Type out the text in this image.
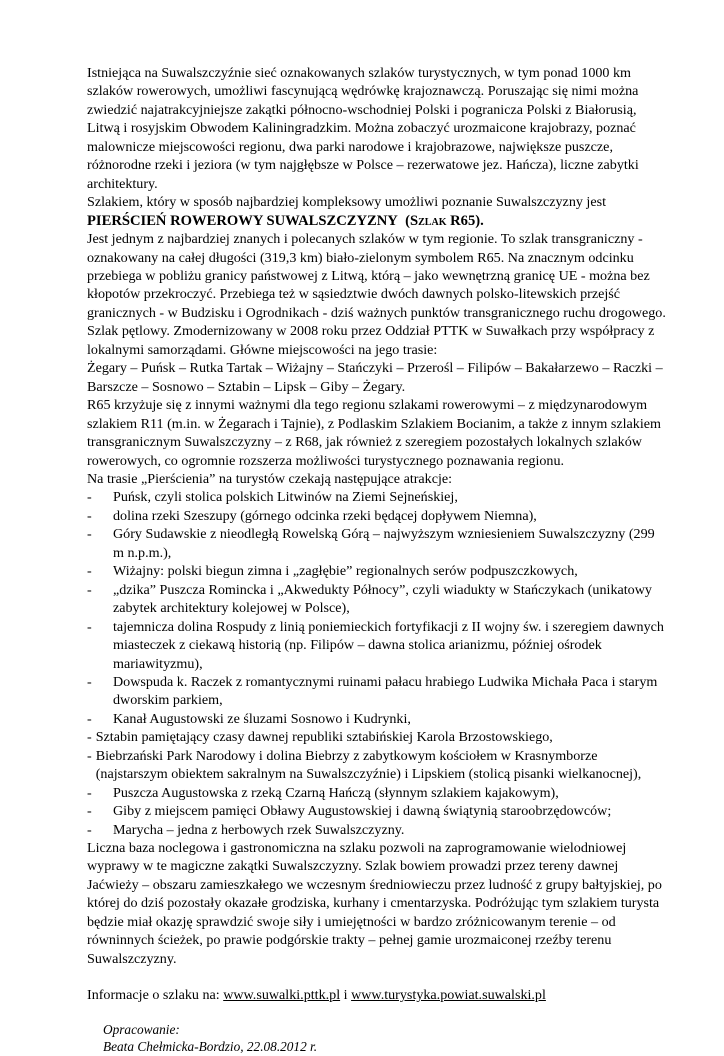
Istniejąca na Suwalszczyźnie sieć oznakowanych szlaków turystycznych, w tym ponad 1000 km szlaków rowerowych, umożliwi fascynującą wędrówkę krajoznawczą. Poruszając się nimi można zwiedzić najatrakcyjniejsze zakątki północno-wschodniej Polski i pogranicza Polski z Białorusią, Litwą i rosyjskim Obwodem Kaliningradzkim. Można zobaczyć urozmaicone krajobrazy, poznać malownicze miejscowości regionu, dwa parki narodowe i krajobrazowe, największe puszcze, różnorodne rzeki i jeziora (w tym najgłębsze w Polsce – rezerwatowe jez. Hańcza), liczne zabytki architektury.

Szlakiem, który w sposób najbardziej kompleksowy umożliwi poznanie Suwalszczyzny jest

PIERŚCIEŃ ROWEROWY SUWALSZCZYZNY (Szlak R65).

Jest jednym z najbardziej znanych i polecanych szlaków w tym regionie. To szlak transgraniczny - oznakowany na całej długości (319,3 km) biało-zielonym symbolem R65. Na znacznym odcinku przebiega w pobliżu granicy państwowej z Litwą, którą – jako wewnętrzną granicę UE - można bez kłopotów przekroczyć. Przebiega też w sąsiedztwie dwóch dawnych polsko-litewskich przejść granicznych - w Budzisku i Ogrodnikach - dziś ważnych punktów transgranicznego ruchu drogowego.

Szlak pętlowy. Zmodernizowany w 2008 roku przez Oddział PTTK w Suwałkach przy współpracy z lokalnymi samorządami. Główne miejscowości na jego trasie:

Żegary – Puńsk – Rutka Tartak – Wiżajny – Stańczyki – Przerośl – Filipów – Bakałarzewo – Raczki – Barszcze – Sosnowo – Sztabin – Lipsk – Giby – Żegary.

R65 krzyżuje się z innymi ważnymi dla tego regionu szlakami rowerowymi – z międzynarodowym szlakiem R11 (m.in. w Żegarach i Tajnie), z Podlaskim Szlakiem Bocianim, a także z innym szlakiem transgranicznym Suwalszczyzny – z R68, jak również z szeregiem pozostałych lokalnych szlaków rowerowych, co ogromnie rozszerza możliwości turystycznego poznawania regionu.

Na trasie „Pierścienia” na turystów czekają następujące atrakcje:

-	Puńsk, czyli stolica polskich Litwinów na Ziemi Sejneńskiej,
-	dolina rzeki Szeszupy (górnego odcinka rzeki będącej dopływem Niemna),
-	Góry Sudawskie z nieodległą Rowelską Górą – najwyższym wzniesieniem Suwalszczyzny (299 m n.p.m.),
-	Wiżajny: polski biegun zimna i „zagłębie” regionalnych serów podpuszczkowych,
-	„dzika” Puszcza Romincka i „Akwedukty Północy”, czyli wiadukty w Stańczykach (unikatowy zabytek architektury kolejowej w Polsce),
-	tajemnicza dolina Rospudy z linią poniemieckich fortyfikacji z II wojny św. i szeregiem dawnych miasteczek z ciekawą historią (np. Filipów – dawna stolica arianizmu, później ośrodek mariawityzmu),
-	Dowspuda k. Raczek z romantycznymi ruinami pałacu hrabiego Ludwika Michała Paca i starym dworskim parkiem,
-	Kanał Augustowski ze śluzami Sosnowo i Kudrynki,
- Sztabin pamiętający czasy dawnej republiki sztabińskiej Karola Brzostowskiego,
- Biebrzański Park Narodowy i dolina Biebrzy z zabytkowym kościołem w Krasnymborze (najstarszym obiektem sakralnym na Suwalszczyźnie) i Lipskiem (stolicą pisanki wielkanocnej),
-	Puszcza Augustowska z rzeką Czarną Hańczą (słynnym szlakiem kajakowym),
-	Giby z miejscem pamięci Obławy Augustowskiej i dawną świątynią staroobrzędowców;
-	Marycha – jedna z herbowych rzek Suwalszczyzny.

Liczna baza noclegowa i gastronomiczna na szlaku pozwoli na zaprogramowanie wielodniowej wyprawy w te magiczne zakątki Suwalszczyzny. Szlak bowiem prowadzi przez tereny dawnej Jaćwieży – obszaru zamieszkałego we wczesnym średniowieczu przez ludność z grupy bałtyjskiej, po której do dziś pozostały okazałe grodziska, kurhany i cmentarzyska. Podróżując tym szlakiem turysta będzie miał okazję sprawdzić swoje siły i umiejętności w bardzo zróżnicowanym terenie – od równinnych ścieżek, po prawie podgórskie trakty – pełnej gamie urozmaiconej rzeźby terenu Suwalszczyzny.

Informacje o szlaku na: www.suwalki.pttk.pl i www.turystyka.powiat.suwalski.pl

Opracowanie:
Beata Chełmicka-Bordzio, 22.08.2012 r.
